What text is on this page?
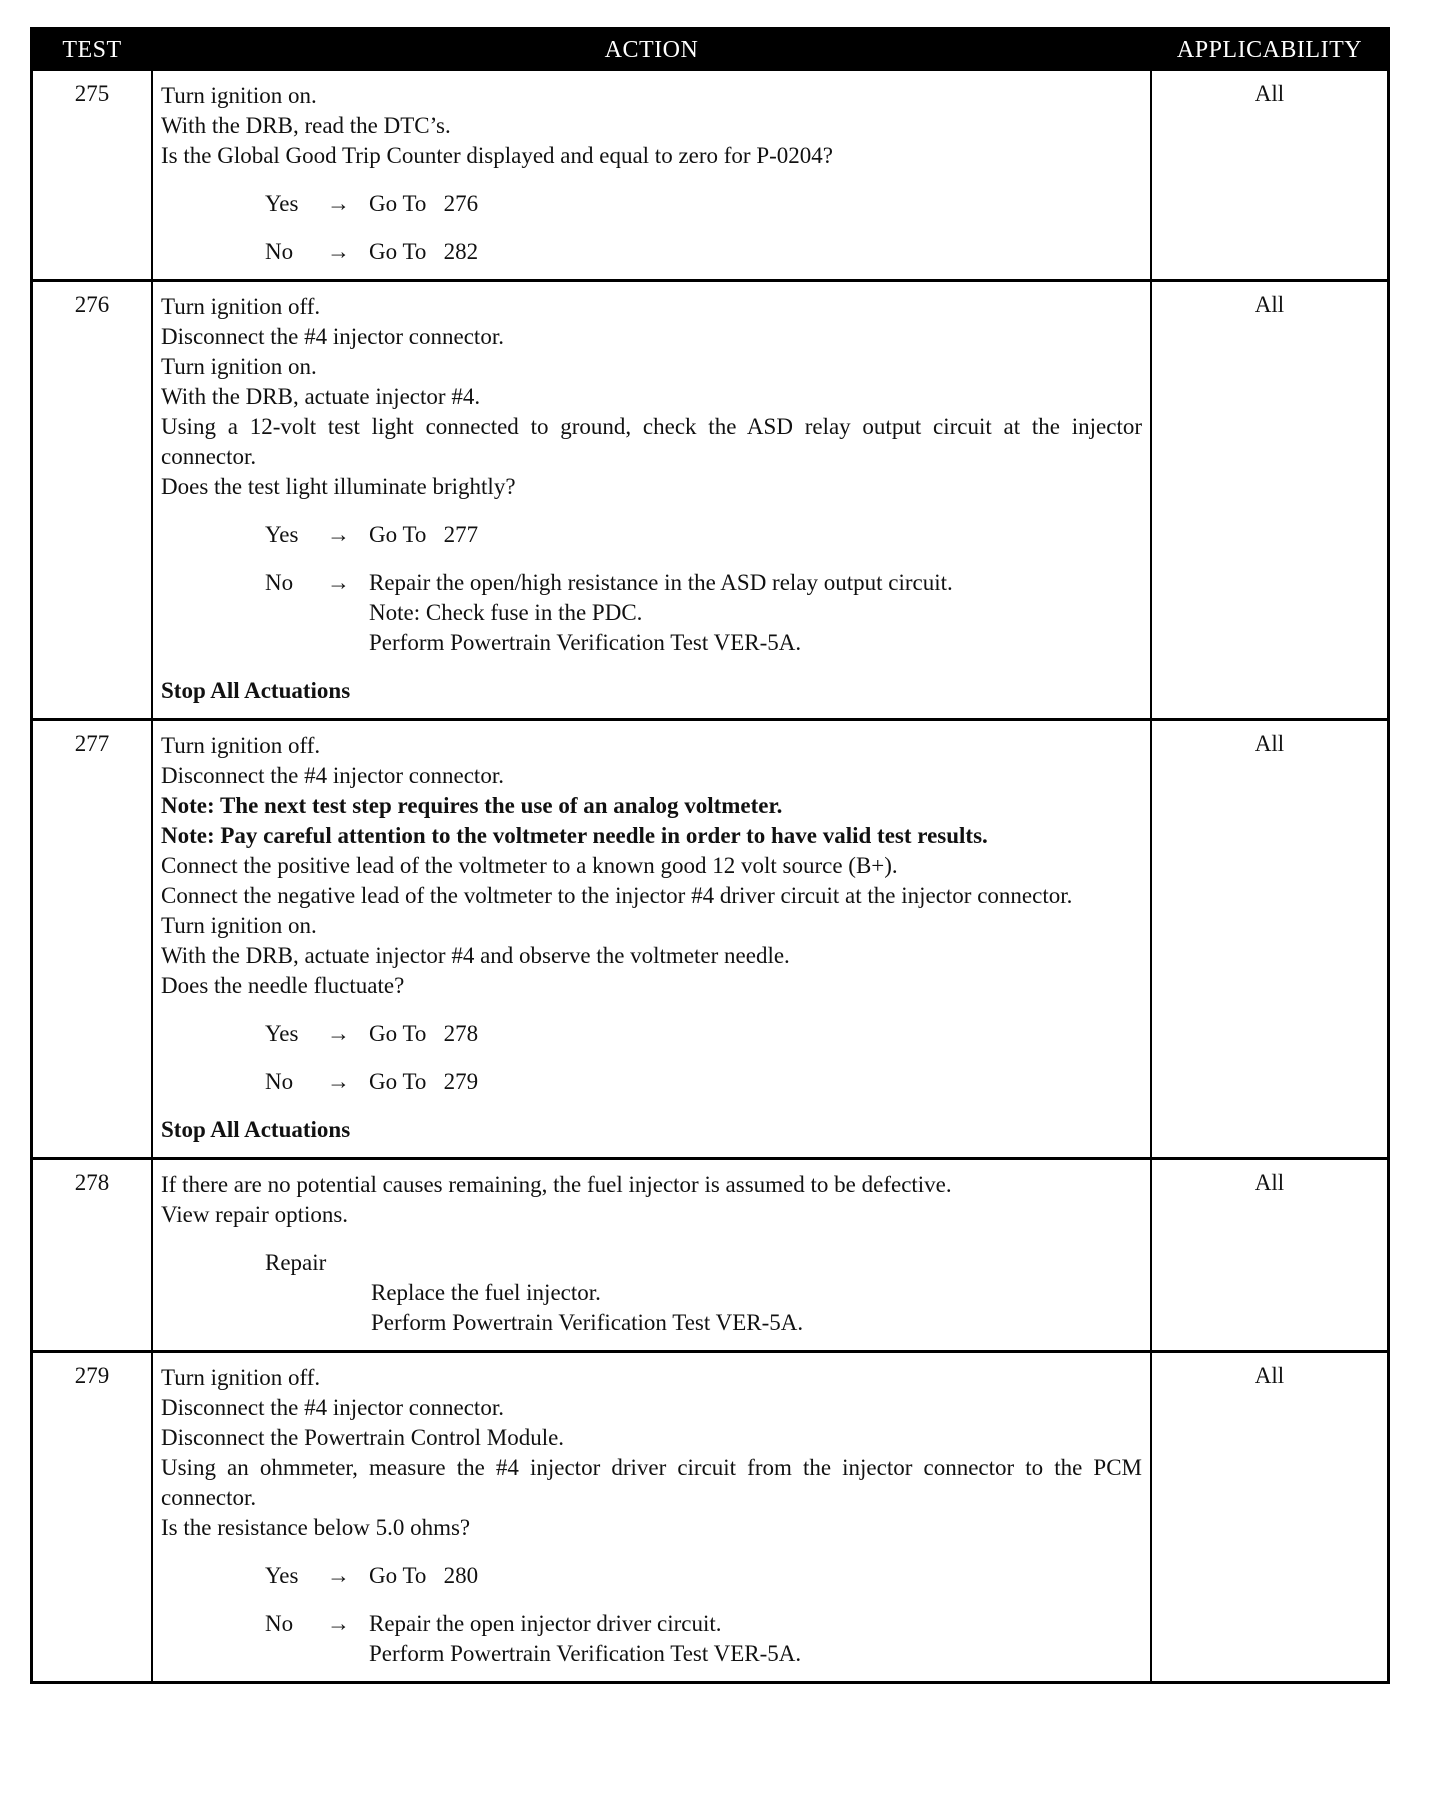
TEST	ACTION	APPLICABILITY
275	Turn ignition on.
With the DRB, read the DTC’s.
Is the Global Good Trip Counter displayed and equal to zero for P-0204?
Yes	→ Go To   276
No	→ Go To   282
All
276	Turn ignition off.
Disconnect the #4 injector connector.
Turn ignition on.
With the DRB, actuate injector #4.
Using a 12-volt test light connected to ground, check the ASD relay output circuit at the injector connector.
Does the test light illuminate brightly?
Yes	→ Go To   277
No	→ Repair the open/high resistance in the ASD relay output circuit.
Note: Check fuse in the PDC.
Perform Powertrain Verification Test VER-5A.
Stop All Actuations
All
277	Turn ignition off.
Disconnect the #4 injector connector.
Note: The next test step requires the use of an analog voltmeter.
Note: Pay careful attention to the voltmeter needle in order to have valid test results.
Connect the positive lead of the voltmeter to a known good 12 volt source (B+).
Connect the negative lead of the voltmeter to the injector #4 driver circuit at the injector connector.
Turn ignition on.
With the DRB, actuate injector #4 and observe the voltmeter needle.
Does the needle fluctuate?
Yes	→ Go To   278
No	→ Go To   279
Stop All Actuations
All
278	If there are no potential causes remaining, the fuel injector is assumed to be defective.
View repair options.
Repair
Replace the fuel injector.
Perform Powertrain Verification Test VER-5A.
All
279	Turn ignition off.
Disconnect the #4 injector connector.
Disconnect the Powertrain Control Module.
Using an ohmmeter, measure the #4 injector driver circuit from the injector connector to the PCM connector.
Is the resistance below 5.0 ohms?
Yes	→ Go To   280
No	→ Repair the open injector driver circuit.
Perform Powertrain Verification Test VER-5A.
All
